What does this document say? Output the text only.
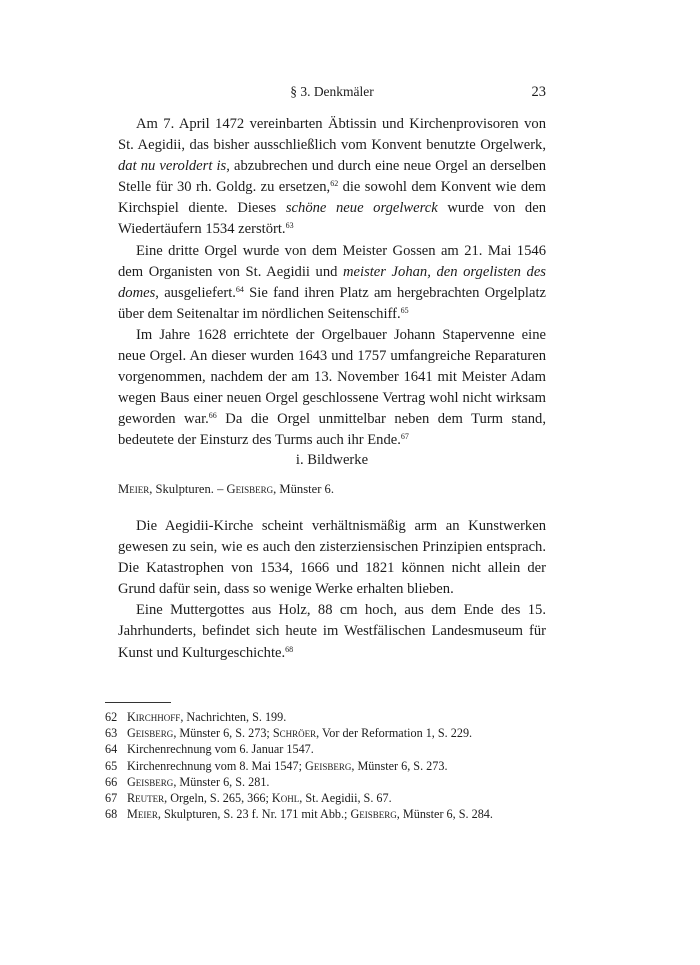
§ 3. Denkmäler	23

Am 7. April 1472 vereinbarten Äbtissin und Kirchenprovisoren von St. Aegidii, das bisher ausschließlich vom Konvent benutzte Orgelwerk, dat nu veroldert is, abzubrechen und durch eine neue Orgel an derselben Stelle für 30 rh. Goldg. zu ersetzen,$^{62}$ die sowohl dem Konvent wie dem Kirchspiel diente. Dieses schöne neue orgelwerck wurde von den Wiedertäufern 1534 zerstört.$^{63}$

Eine dritte Orgel wurde von dem Meister Gossen am 21. Mai 1546 dem Organisten von St. Aegidii und meister Johan, den orgelisten des domes, ausgeliefert.$^{64}$ Sie fand ihren Platz am hergebrachten Orgelplatz über dem Seitenaltar im nördlichen Seitenschiff.$^{65}$

Im Jahre 1628 errichtete der Orgelbauer Johann Stapervenne eine neue Orgel. An dieser wurden 1643 und 1757 umfangreiche Reparaturen vorgenommen, nachdem der am 13. November 1641 mit Meister Adam wegen Baus einer neuen Orgel geschlossene Vertrag wohl nicht wirksam geworden war.$^{66}$ Da die Orgel unmittelbar neben dem Turm stand, bedeutete der Einsturz des Turms auch ihr Ende.$^{67}$

i. Bildwerke
Meier, Skulpturen. – Geisberg, Münster 6.

Die Aegidii-Kirche scheint verhältnismäßig arm an Kunstwerken gewesen zu sein, wie es auch den zisterziensischen Prinzipien entsprach. Die Katastrophen von 1534, 1666 und 1821 können nicht allein der Grund dafür sein, dass so wenige Werke erhalten blieben.

Eine Muttergottes aus Holz, 88 cm hoch, aus dem Ende des 15. Jahrhunderts, befindet sich heute im Westfälischen Landesmuseum für Kunst und Kulturgeschichte.$^{68}$

62 Kirchhoff, Nachrichten, S. 199.
63 Geisberg, Münster 6, S. 273; Schröer, Vor der Reformation 1, S. 229.
64 Kirchenrechnung vom 6. Januar 1547.
65 Kirchenrechnung vom 8. Mai 1547; Geisberg, Münster 6, S. 273.
66 Geisberg, Münster 6, S. 281.
67 Reuter, Orgeln, S. 265, 366; Kohl, St. Aegidii, S. 67.
68 Meier, Skulpturen, S. 23 f. Nr. 171 mit Abb.; Geisberg, Münster 6, S. 284.
